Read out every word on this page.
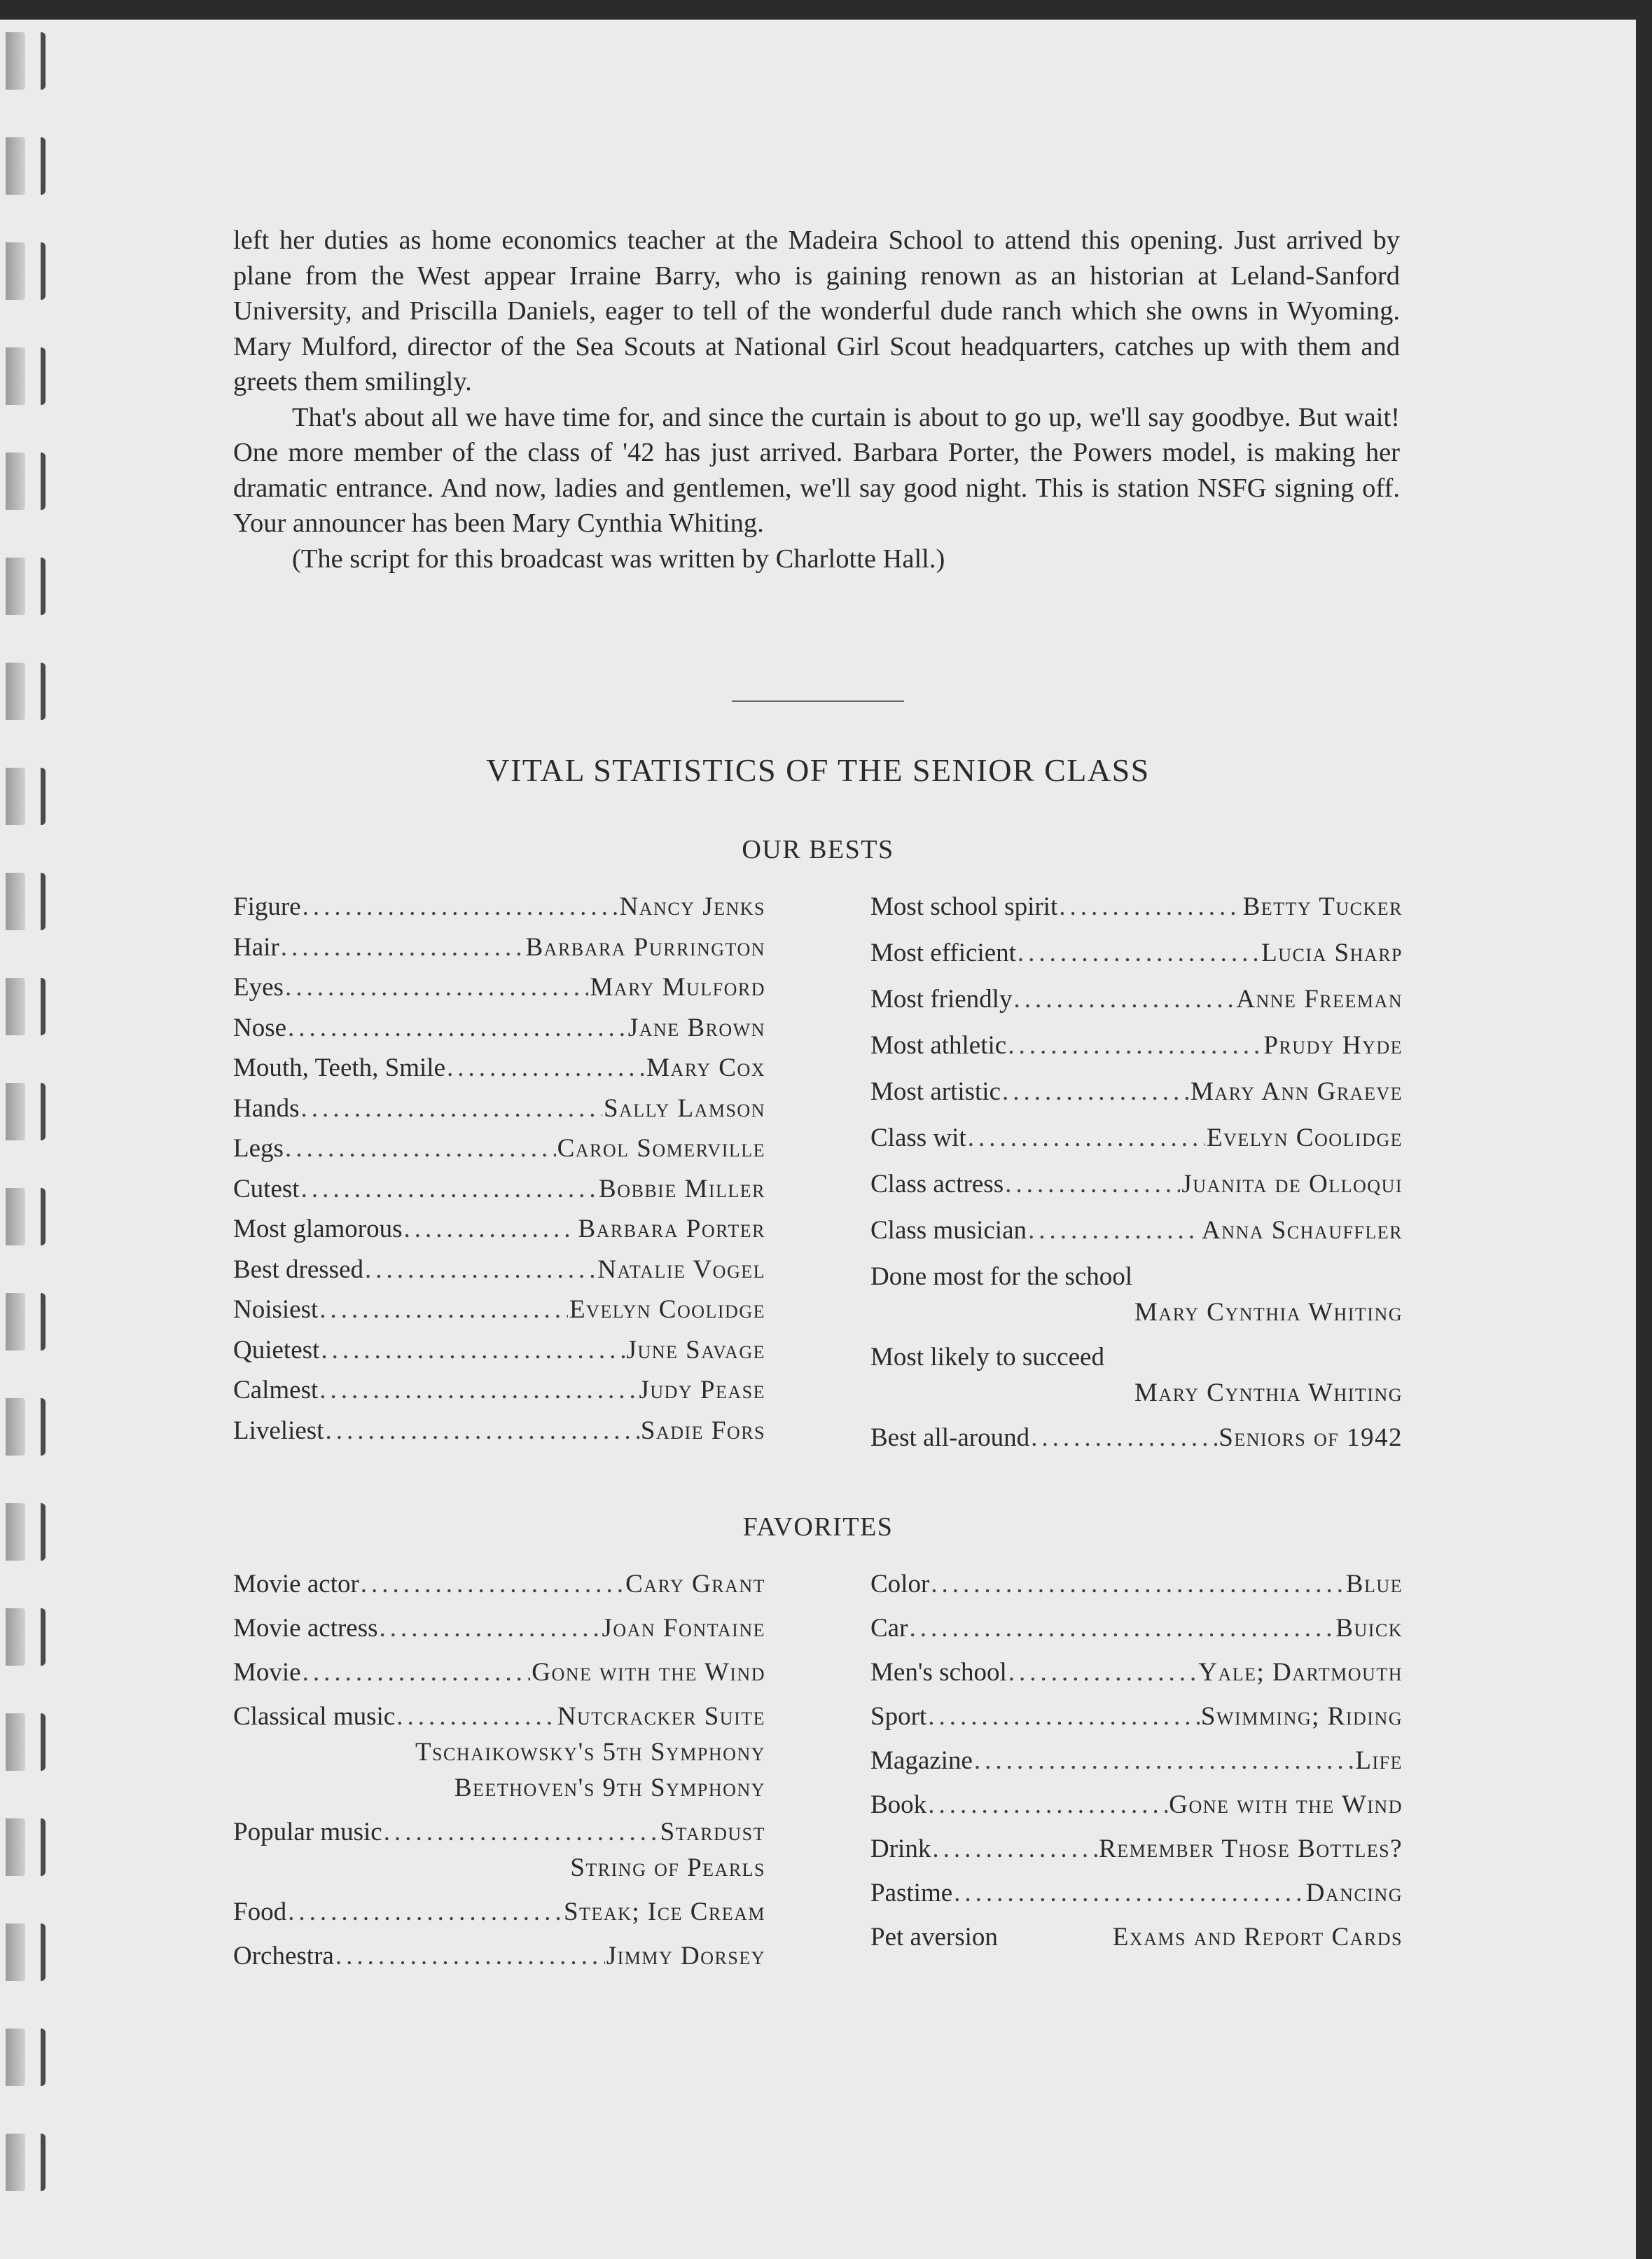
left her duties as home economics teacher at the Madeira School to attend this opening. Just arrived by plane from the West appear Irraine Barry, who is gaining renown as an historian at Leland-Sanford University, and Priscilla Daniels, eager to tell of the wonderful dude ranch which she owns in Wyoming. Mary Mulford, director of the Sea Scouts at National Girl Scout headquarters, catches up with them and greets them smilingly.

That's about all we have time for, and since the curtain is about to go up, we'll say goodbye. But wait! One more member of the class of '42 has just arrived. Barbara Porter, the Powers model, is making her dramatic entrance. And now, ladies and gentlemen, we'll say good night. This is station NSFG signing off. Your announcer has been Mary Cynthia Whiting.

(The script for this broadcast was written by Charlotte Hall.)

VITAL STATISTICS OF THE SENIOR CLASS
OUR BESTS
Figure .....	Nancy Jenks
Hair .....	Barbara Purrington
Eyes .....	Mary Mulford
Nose .....	Jane Brown
Mouth, Teeth, Smile .....	Mary Cox
Hands .....	Sally Lamson
Legs .....	Carol Somerville
Cutest .....	Bobbie Miller
Most glamorous .....	Barbara Porter
Best dressed .....	Natalie Vogel
Noisiest .....	Evelyn Coolidge
Quietest .....	June Savage
Calmest .....	Judy Pease
Liveliest .....	Sadie Fors
Most school spirit .....	Betty Tucker
Most efficient .....	Lucia Sharp
Most friendly .....	Anne Freeman
Most athletic .....	Prudy Hyde
Most artistic .....	Mary Ann Graeve
Class wit .....	Evelyn Coolidge
Class actress .....	Juanita de Olloqui
Class musician .....	Anna Schauffler
Done most for the school
Mary Cynthia Whiting
Most likely to succeed
Mary Cynthia Whiting
Best all-around .....	Seniors of 1942
FAVORITES
Movie actor .....	Cary Grant
Movie actress .....	Joan Fontaine
Movie .....	Gone with the Wind
Classical music .....	Nutcracker Suite
Tschaikowsky's 5th Symphony
Beethoven's 9th Symphony
Popular music .....	Stardust
String of Pearls
Food .....	Steak; Ice Cream
Orchestra .....	Jimmy Dorsey
Color .....	Blue
Car .....	Buick
Men's school .....	Yale; Dartmouth
Sport .....	Swimming; Riding
Magazine .....	Life
Book .....	Gone with the Wind
Drink .....	Remember Those Bottles?
Pastime .....	Dancing
Pet aversion	Exams and Report Cards
